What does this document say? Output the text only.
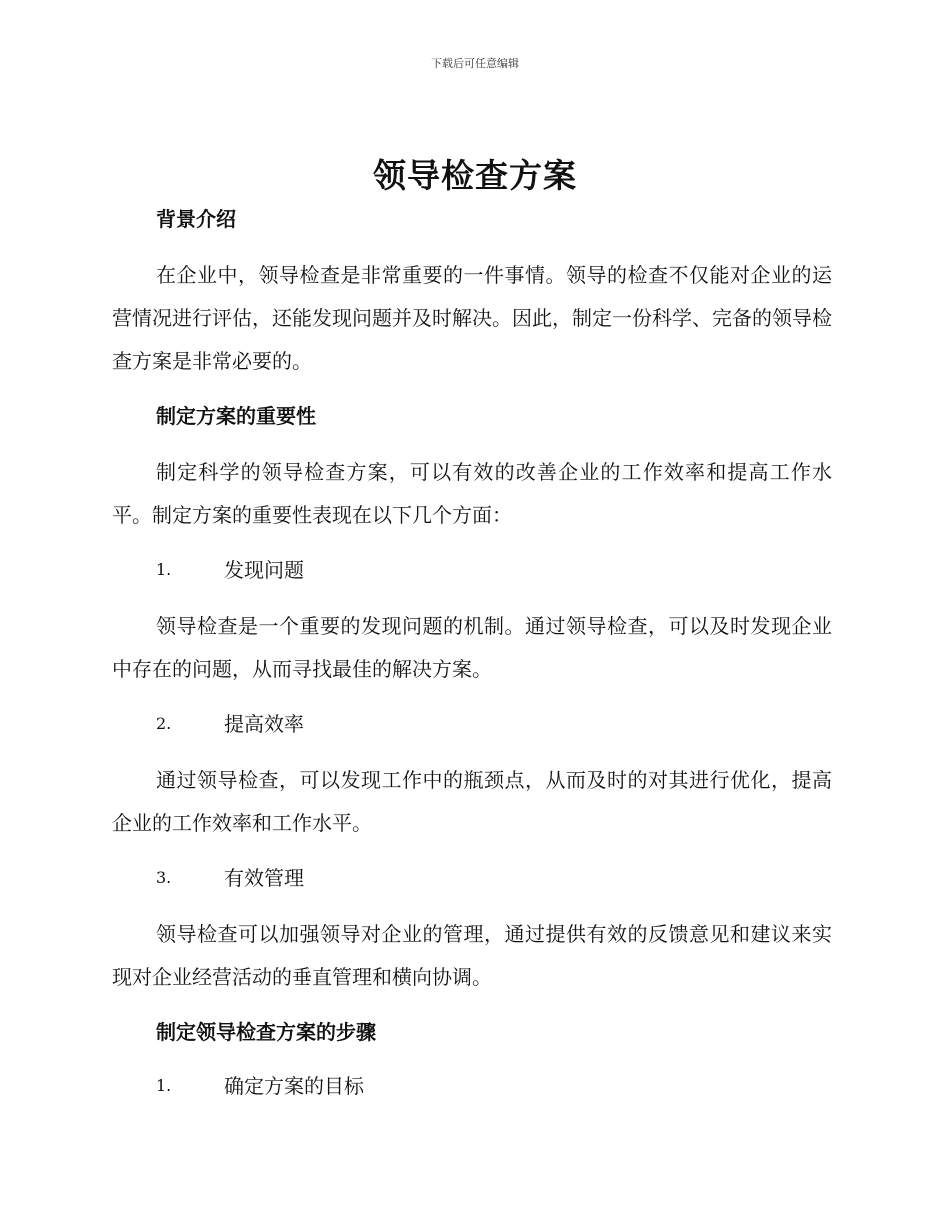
下载后可任意编辑
领导检查方案

背景介绍

在企业中，领导检查是非常重要的一件事情。领导的检查不仅能对企业的运营情况进行评估，还能发现问题并及时解决。因此，制定一份科学、完备的领导检查方案是非常必要的。

制定方案的重要性

制定科学的领导检查方案，可以有效的改善企业的工作效率和提高工作水平。制定方案的重要性表现在以下几个方面：

1.	发现问题

领导检查是一个重要的发现问题的机制。通过领导检查，可以及时发现企业中存在的问题，从而寻找最佳的解决方案。

2.	提高效率

通过领导检查，可以发现工作中的瓶颈点，从而及时的对其进行优化，提高企业的工作效率和工作水平。

3.	有效管理

领导检查可以加强领导对企业的管理，通过提供有效的反馈意见和建议来实现对企业经营活动的垂直管理和横向协调。

制定领导检查方案的步骤

1.	确定方案的目标
